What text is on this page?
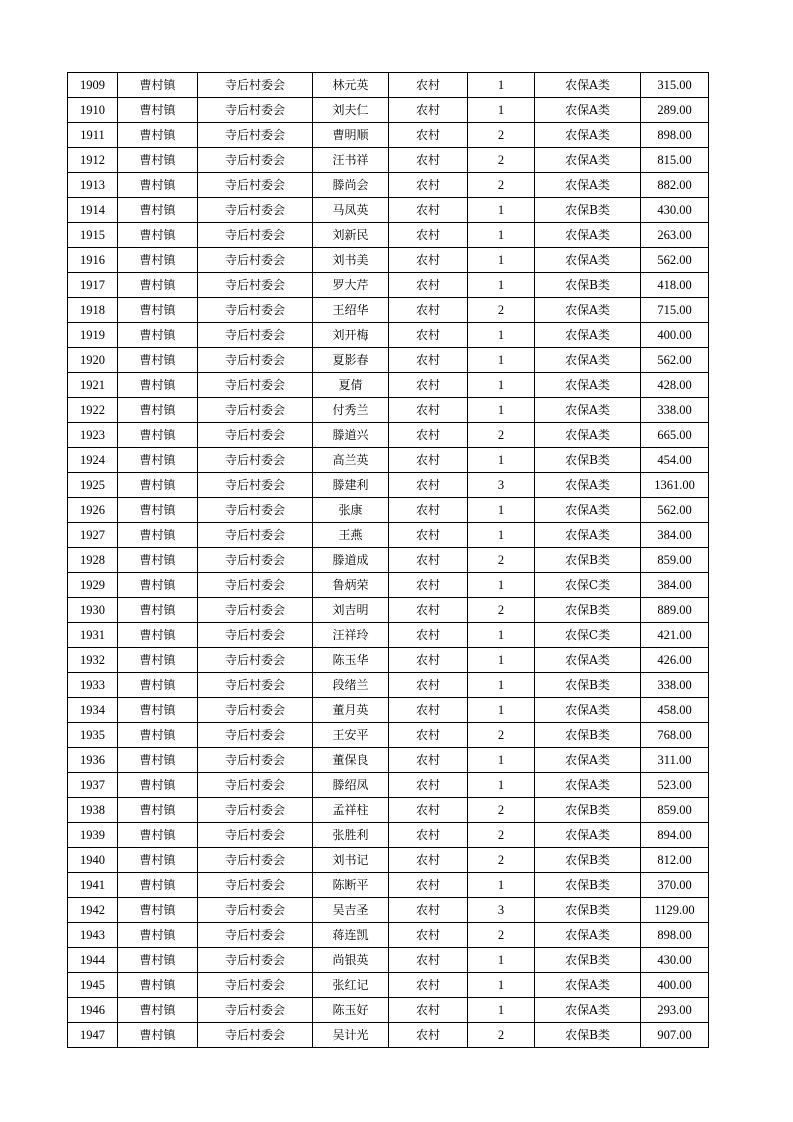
1909	曹村镇	寺后村委会	林元英	农村	1	农保A类	315.00
1910	曹村镇	寺后村委会	刘夫仁	农村	1	农保A类	289.00
1911	曹村镇	寺后村委会	曹明顺	农村	2	农保A类	898.00
1912	曹村镇	寺后村委会	汪书祥	农村	2	农保A类	815.00
1913	曹村镇	寺后村委会	滕尚会	农村	2	农保A类	882.00
1914	曹村镇	寺后村委会	马凤英	农村	1	农保B类	430.00
1915	曹村镇	寺后村委会	刘新民	农村	1	农保A类	263.00
1916	曹村镇	寺后村委会	刘书美	农村	1	农保A类	562.00
1917	曹村镇	寺后村委会	罗大芹	农村	1	农保B类	418.00
1918	曹村镇	寺后村委会	王绍华	农村	2	农保A类	715.00
1919	曹村镇	寺后村委会	刘开梅	农村	1	农保A类	400.00
1920	曹村镇	寺后村委会	夏影春	农村	1	农保A类	562.00
1921	曹村镇	寺后村委会	夏倩	农村	1	农保A类	428.00
1922	曹村镇	寺后村委会	付秀兰	农村	1	农保A类	338.00
1923	曹村镇	寺后村委会	滕道兴	农村	2	农保A类	665.00
1924	曹村镇	寺后村委会	高兰英	农村	1	农保B类	454.00
1925	曹村镇	寺后村委会	滕建利	农村	3	农保A类	1361.00
1926	曹村镇	寺后村委会	张康	农村	1	农保A类	562.00
1927	曹村镇	寺后村委会	王燕	农村	1	农保A类	384.00
1928	曹村镇	寺后村委会	滕道成	农村	2	农保B类	859.00
1929	曹村镇	寺后村委会	鲁炳荣	农村	1	农保C类	384.00
1930	曹村镇	寺后村委会	刘吉明	农村	2	农保B类	889.00
1931	曹村镇	寺后村委会	汪祥玲	农村	1	农保C类	421.00
1932	曹村镇	寺后村委会	陈玉华	农村	1	农保A类	426.00
1933	曹村镇	寺后村委会	段绪兰	农村	1	农保B类	338.00
1934	曹村镇	寺后村委会	董月英	农村	1	农保A类	458.00
1935	曹村镇	寺后村委会	王安平	农村	2	农保B类	768.00
1936	曹村镇	寺后村委会	董保良	农村	1	农保A类	311.00
1937	曹村镇	寺后村委会	滕绍凤	农村	1	农保A类	523.00
1938	曹村镇	寺后村委会	孟祥柱	农村	2	农保B类	859.00
1939	曹村镇	寺后村委会	张胜利	农村	2	农保A类	894.00
1940	曹村镇	寺后村委会	刘书记	农村	2	农保B类	812.00
1941	曹村镇	寺后村委会	陈断平	农村	1	农保B类	370.00
1942	曹村镇	寺后村委会	吴吉圣	农村	3	农保B类	1129.00
1943	曹村镇	寺后村委会	蒋连凯	农村	2	农保A类	898.00
1944	曹村镇	寺后村委会	尚银英	农村	1	农保B类	430.00
1945	曹村镇	寺后村委会	张红记	农村	1	农保A类	400.00
1946	曹村镇	寺后村委会	陈玉好	农村	1	农保A类	293.00
1947	曹村镇	寺后村委会	吴计光	农村	2	农保B类	907.00
